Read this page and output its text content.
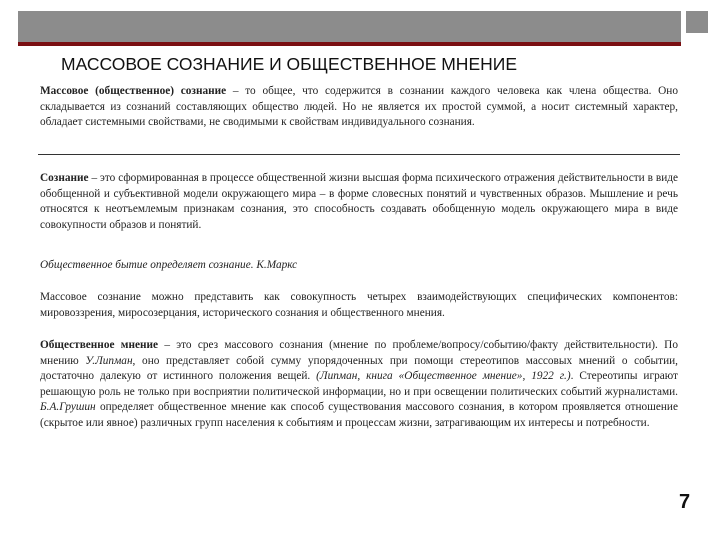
МАССОВОЕ СОЗНАНИЕ И ОБЩЕСТВЕННОЕ МНЕНИЕ

Массовое (общественное) сознание – то общее, что содержится в сознании каждого человека как члена общества. Оно складывается из сознаний составляющих общество людей. Но не является их простой суммой, а носит системный характер, обладает системными свойствами, не сводимыми к свойствам индивидуального сознания.

Сознание – это сформированная в процессе общественной жизни высшая форма психического отражения действительности в виде обобщенной и субъективной модели окружающего мира – в форме словесных понятий и чувственных образов. Мышление и речь относятся к неотъемлемым признакам сознания, это способность создавать обобщенную модель окружающего мира в виде совокупности образов и понятий.

Общественное бытие определяет сознание. К.Маркс

Массовое сознание можно представить как совокупность четырех взаимодействующих специфических компонентов: мировоззрения, миросозерцания, исторического сознания и общественного мнения.

Общественное мнение – это срез массового сознания (мнение по проблеме/вопросу/событию/факту действительности). По мнению У.Липман, оно представляет собой сумму упорядоченных при помощи стереотипов массовых мнений о событии, достаточно далекую от истинного положения вещей. (Липман, книга «Общественное мнение», 1922 г.). Стереотипы играют решающую роль не только при восприятии политической информации, но и при освещении политических событий журналистами. Б.А.Грушин определяет общественное мнение как способ существования массового сознания, в котором проявляется отношение (скрытое или явное) различных групп населения к событиям и процессам жизни, затрагивающим их интересы и потребности.

7
